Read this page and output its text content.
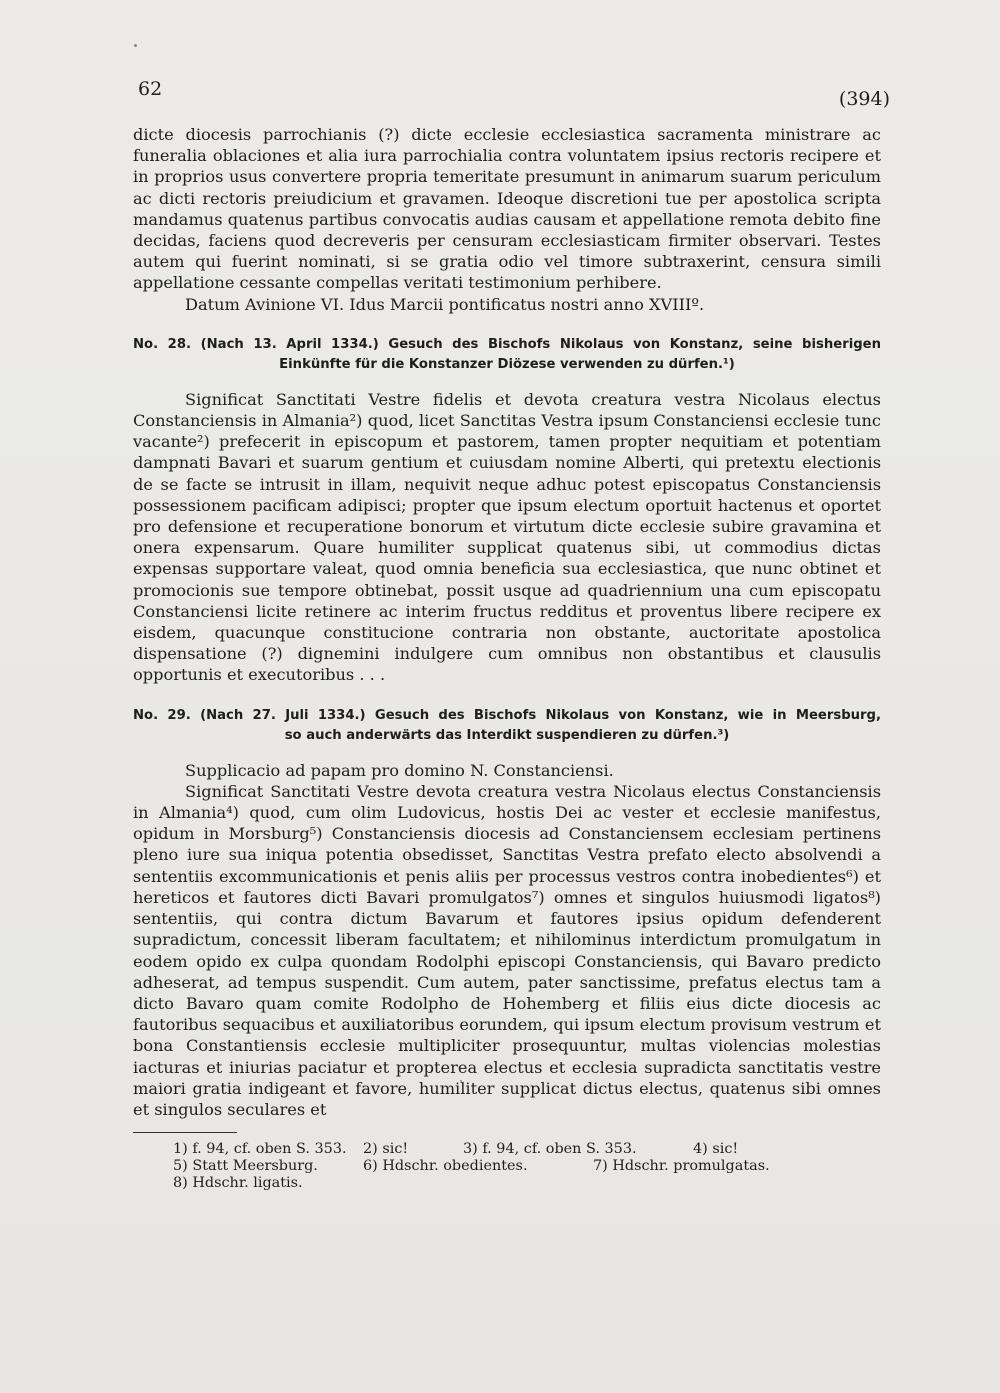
62	(394)

dicte diocesis parrochianis (?) dicte ecclesie ecclesiastica sacramenta ministrare ac funeralia oblaciones et alia iura parrochialia contra voluntatem ipsius rectoris recipere et in proprios usus convertere propria temeritate presumunt in animarum suarum periculum ac dicti rectoris preiudicium et gravamen. Ideoque discretioni tue per apostolica scripta mandamus quatenus partibus convocatis audias causam et appellatione remota debito fine decidas, faciens quod decreveris per censuram ecclesiasticam firmiter observari. Testes autem qui fuerint nominati, si se gratia odio vel timore subtraxerint, censura simili appellatione cessante compellas veritati testimonium perhibere.

Datum Avinione VI. Idus Marcii pontificatus nostri anno XVIIIº.

No. 28. (Nach 13. April 1334.) Gesuch des Bischofs Nikolaus von Konstanz, seine bisherigen
Einkünfte für die Konstanzer Diözese verwenden zu dürfen.¹)

Significat Sanctitati Vestre fidelis et devota creatura vestra Nicolaus electus Constanciensis in Almania²) quod, licet Sanctitas Vestra ipsum Constanciensi ecclesie tunc vacante²) prefecerit in episcopum et pastorem, tamen propter nequitiam et potentiam dampnati Bavari et suarum gentium et cuiusdam nomine Alberti, qui pretextu electionis de se facte se intrusit in illam, nequivit neque adhuc potest episcopatus Constanciensis possessionem pacificam adipisci; propter que ipsum electum oportuit hactenus et oportet pro defensione et recuperatione bonorum et virtutum dicte ecclesie subire gravamina et onera expensarum. Quare humiliter supplicat quatenus sibi, ut commodius dictas expensas supportare valeat, quod omnia beneficia sua ecclesiastica, que nunc obtinet et promocionis sue tempore obtinebat, possit usque ad quadriennium una cum episcopatu Constanciensi licite retinere ac interim fructus redditus et proventus libere recipere ex eisdem, quacunque constitucione contraria non obstante, auctoritate apostolica dispensatione (?) dignemini indulgere cum omnibus non obstantibus et clausulis opportunis et executoribus . . .

No. 29. (Nach 27. Juli 1334.) Gesuch des Bischofs Nikolaus von Konstanz, wie in Meersburg,
so auch anderwärts das Interdikt suspendieren zu dürfen.³)

Supplicacio ad papam pro domino N. Constanciensi.

Significat Sanctitati Vestre devota creatura vestra Nicolaus electus Constanciensis in Almania⁴) quod, cum olim Ludovicus, hostis Dei ac vester et ecclesie manifestus, opidum in Morsburg⁵) Constanciensis diocesis ad Constanciensem ecclesiam pertinens pleno iure sua iniqua potentia obsedisset, Sanctitas Vestra prefato electo absolvendi a sententiis excommunicationis et penis aliis per processus vestros contra inobedientes⁶) et hereticos et fautores dicti Bavari promulgatos⁷) omnes et singulos huiusmodi ligatos⁸) sententiis, qui contra dictum Bavarum et fautores ipsius opidum defenderent supradictum, concessit liberam facultatem; et nihilominus interdictum promulgatum in eodem opido ex culpa quondam Rodolphi episcopi Constanciensis, qui Bavaro predicto adheserat, ad tempus suspendit. Cum autem, pater sanctissime, prefatus electus tam a dicto Bavaro quam comite Rodolpho de Hohemberg et filiis eius dicte diocesis ac fautoribus sequacibus et auxiliatoribus eorundem, qui ipsum electum provisum vestrum et bona Constantiensis ecclesie multipliciter prosequuntur, multas violencias molestias iacturas et iniurias paciatur et propterea electus et ecclesia supradicta sanctitatis vestre maiori gratia indigeant et favore, humiliter supplicat dictus electus, quatenus sibi omnes et singulos seculares et

1) f. 94, cf. oben S. 353.	2) sic!	3) f. 94, cf. oben S. 353.	4) sic!
5) Statt Meersburg.	6) Hdschr. obedientes.	7) Hdschr. promulgatas.
8) Hdschr. ligatis.
